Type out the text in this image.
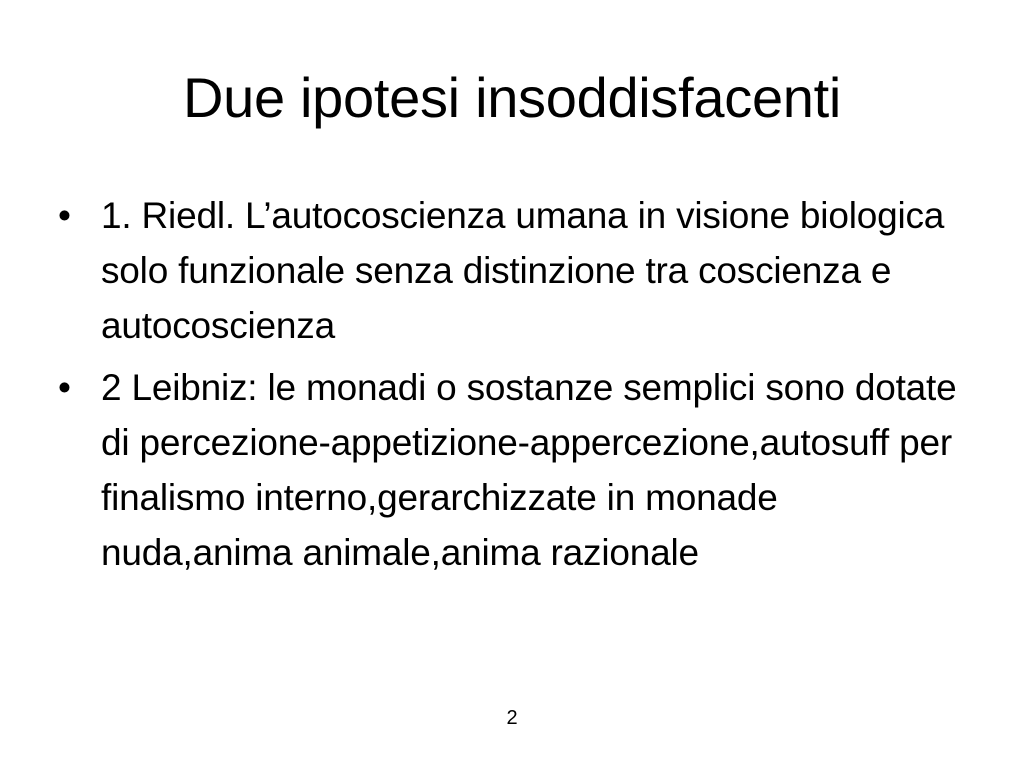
Due ipotesi insoddisfacenti
• 1. Riedl. L’autocoscienza umana in visione biologica solo funzionale senza distinzione tra coscienza e autocoscienza
• 2 Leibniz: le monadi o sostanze semplici sono dotate di percezione-appetizione-appercezione,autosuff per finalismo interno,gerarchizzate in monade nuda,anima animale,anima razionale
2
